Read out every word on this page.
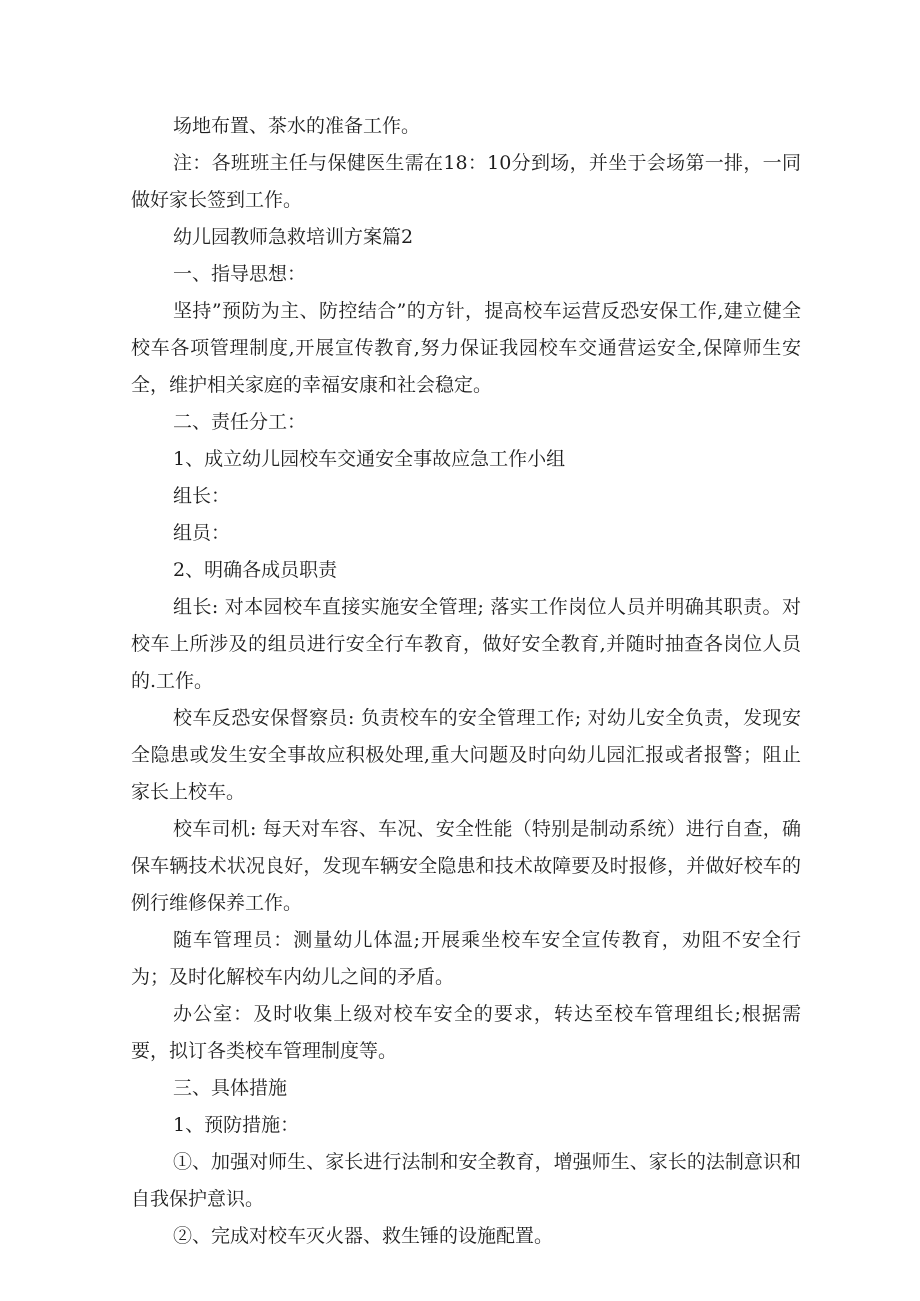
场地布置、茶水的准备工作。

注：各班班主任与保健医生需在18：10分到场，并坐于会场第一排，一同做好家长签到工作。

幼儿园教师急救培训方案篇2

一、指导思想：

坚持”预防为主、防控结合”的方针，提高校车运营反恐安保工作,建立健全校车各项管理制度,开展宣传教育,努力保证我园校车交通营运安全,保障师生安全，维护相关家庭的幸福安康和社会稳定。

二、责任分工：

1、成立幼儿园校车交通安全事故应急工作小组

组长：

组员：

2、明确各成员职责

组长: 对本园校车直接实施安全管理; 落实工作岗位人员并明确其职责。对校车上所涉及的组员进行安全行车教育，做好安全教育,并随时抽查各岗位人员的.工作。

校车反恐安保督察员: 负责校车的安全管理工作; 对幼儿安全负责，发现安全隐患或发生安全事故应积极处理,重大问题及时向幼儿园汇报或者报警；阻止家长上校车。

校车司机: 每天对车容、车况、安全性能（特别是制动系统）进行自查，确保车辆技术状况良好，发现车辆安全隐患和技术故障要及时报修，并做好校车的例行维修保养工作。

随车管理员：测量幼儿体温;开展乘坐校车安全宣传教育，劝阻不安全行为；及时化解校车内幼儿之间的矛盾。

办公室：及时收集上级对校车安全的要求，转达至校车管理组长;根据需要，拟订各类校车管理制度等。

三、具体措施

1、预防措施：

①、加强对师生、家长进行法制和安全教育，增强师生、家长的法制意识和自我保护意识。

②、完成对校车灭火器、救生锤的设施配置。
